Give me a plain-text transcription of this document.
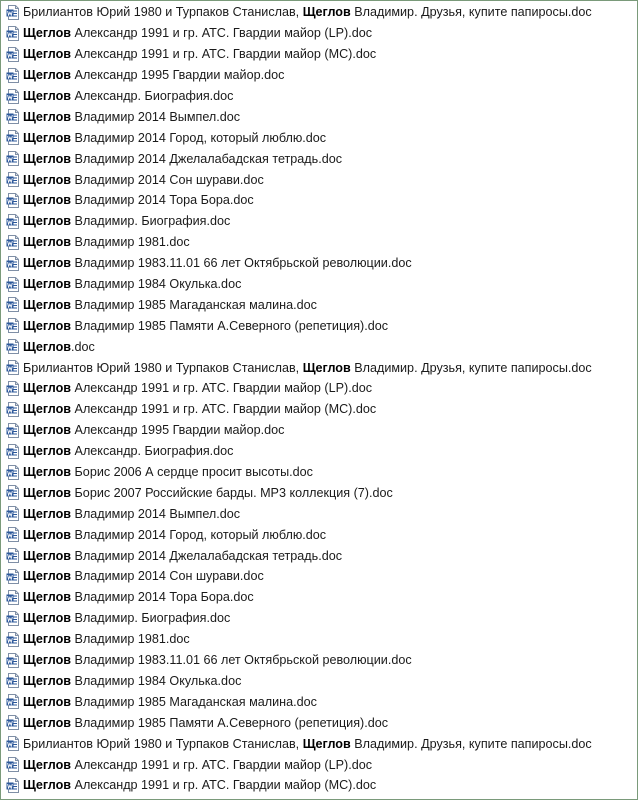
Брилиантов Юрий 1980 и Турпаков Станислав, Щеглов Владимир. Друзья, купите папиросы.doc
Щеглов Александр 1991 и гр. АТС. Гвардии майор (LP).doc
Щеглов Александр 1991 и гр. АТС. Гвардии майор (МС).doc
Щеглов Александр 1995 Гвардии майор.doc
Щеглов Александр. Биография.doc
Щеглов Владимир 2014 Вымпел.doc
Щеглов Владимир 2014 Город, который люблю.doc
Щеглов Владимир 2014 Джелалабадская тетрадь.doc
Щеглов Владимир 2014 Сон шурави.doc
Щеглов Владимир 2014 Тора Бора.doc
Щеглов Владимир. Биография.doc
Щеглов Владимир 1981.doc
Щеглов Владимир 1983.11.01 66 лет Октябрьской революции.doc
Щеглов Владимир 1984 Окулька.doc
Щеглов Владимир 1985 Магаданская малина.doc
Щеглов Владимир 1985 Памяти А.Северного (репетиция).doc
Щеглов.doc
Брилиантов Юрий 1980 и Турпаков Станислав, Щеглов Владимир. Друзья, купите папиросы.doc
Щеглов Александр 1991 и гр. АТС. Гвардии майор (LP).doc
Щеглов Александр 1991 и гр. АТС. Гвардии майор (МС).doc
Щеглов Александр 1995 Гвардии майор.doc
Щеглов Александр. Биография.doc
Щеглов Борис 2006 А сердце просит высоты.doc
Щеглов Борис 2007 Российские барды. MP3 коллекция (7).doc
Щеглов Владимир 2014 Вымпел.doc
Щеглов Владимир 2014 Город, который люблю.doc
Щеглов Владимир 2014 Джелалабадская тетрадь.doc
Щеглов Владимир 2014 Сон шурави.doc
Щеглов Владимир 2014 Тора Бора.doc
Щеглов Владимир. Биография.doc
Щеглов Владимир 1981.doc
Щеглов Владимир 1983.11.01 66 лет Октябрьской революции.doc
Щеглов Владимир 1984 Окулька.doc
Щеглов Владимир 1985 Магаданская малина.doc
Щеглов Владимир 1985 Памяти А.Северного (репетиция).doc
Брилиантов Юрий 1980 и Турпаков Станислав, Щеглов Владимир. Друзья, купите папиросы.doc
Щеглов Александр 1991 и гр. АТС. Гвардии майор (LP).doc
Щеглов Александр 1991 и гр. АТС. Гвардии майор (МС).doc
